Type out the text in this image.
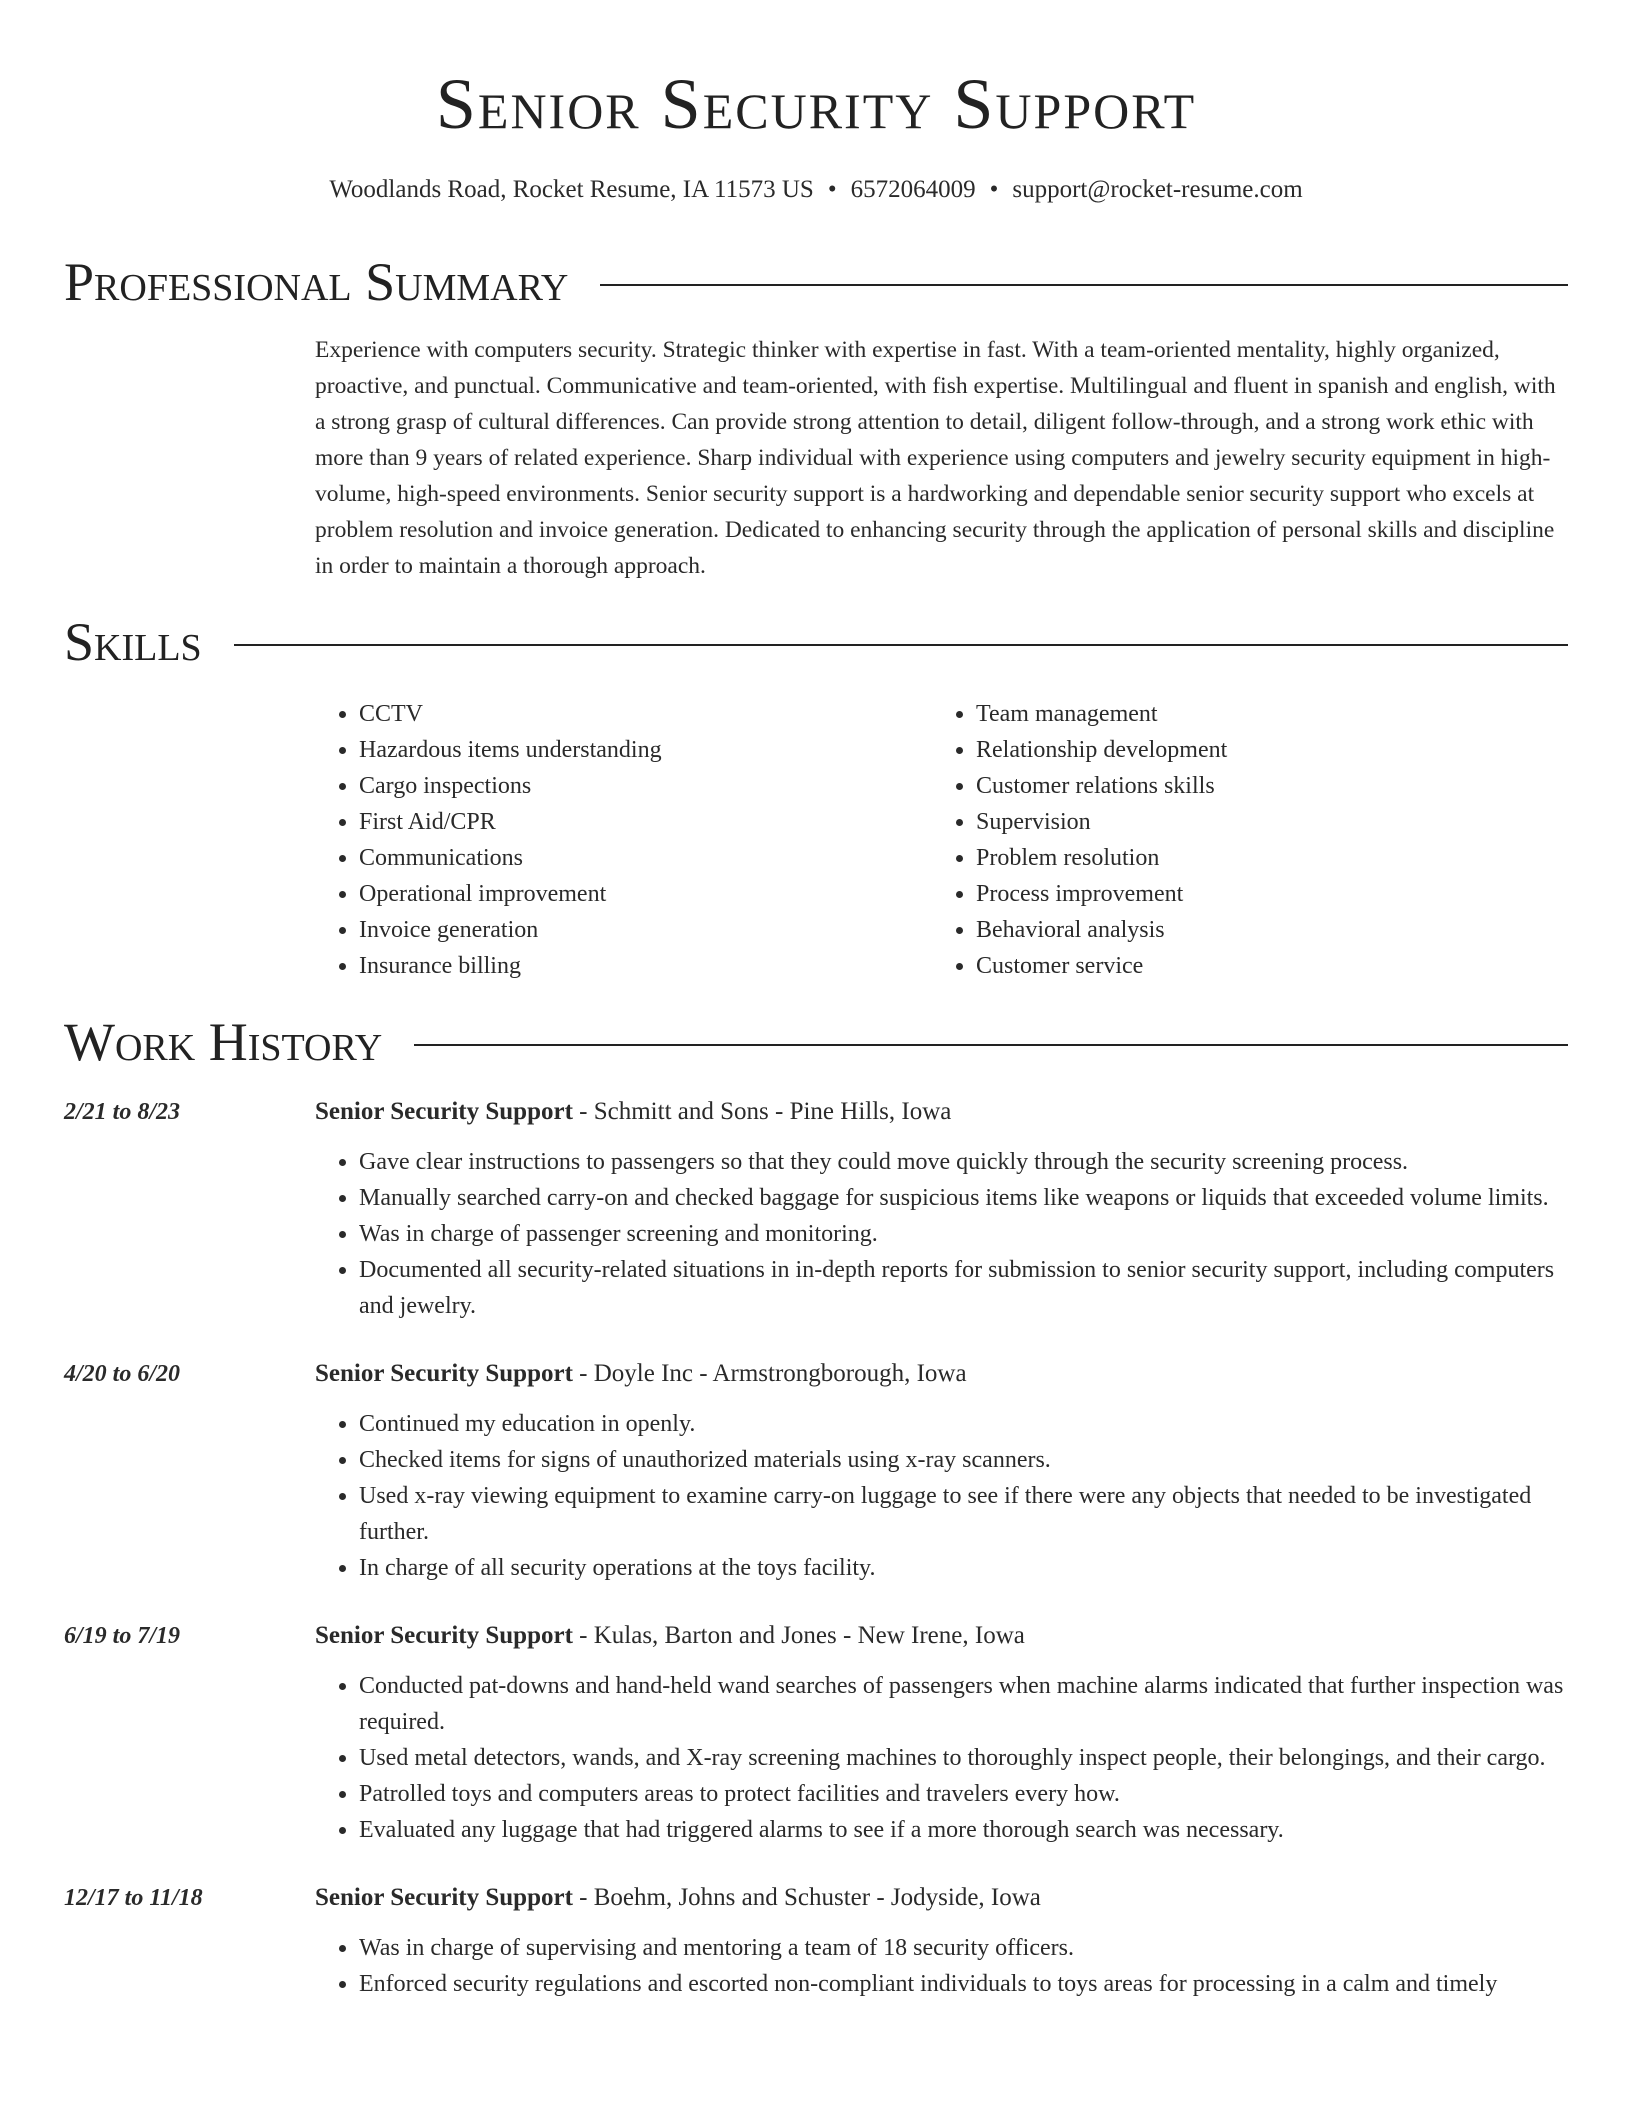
Senior Security Support
Woodlands Road, Rocket Resume, IA 11573 US • 6572064009 • support@rocket-resume.com
Professional Summary
Experience with computers security. Strategic thinker with expertise in fast. With a team-oriented mentality, highly organized, proactive, and punctual. Communicative and team-oriented, with fish expertise. Multilingual and fluent in spanish and english, with a strong grasp of cultural differences. Can provide strong attention to detail, diligent follow-through, and a strong work ethic with more than 9 years of related experience. Sharp individual with experience using computers and jewelry security equipment in high-volume, high-speed environments. Senior security support is a hardworking and dependable senior security support who excels at problem resolution and invoice generation. Dedicated to enhancing security through the application of personal skills and discipline in order to maintain a thorough approach.
Skills
• CCTV
• Hazardous items understanding
• Cargo inspections
• First Aid/CPR
• Communications
• Operational improvement
• Invoice generation
• Insurance billing
• Team management
• Relationship development
• Customer relations skills
• Supervision
• Problem resolution
• Process improvement
• Behavioral analysis
• Customer service
Work History
2/21 to 8/23	Senior Security Support - Schmitt and Sons - Pine Hills, Iowa
• Gave clear instructions to passengers so that they could move quickly through the security screening process.
• Manually searched carry-on and checked baggage for suspicious items like weapons or liquids that exceeded volume limits.
• Was in charge of passenger screening and monitoring.
• Documented all security-related situations in in-depth reports for submission to senior security support, including computers and jewelry.
4/20 to 6/20	Senior Security Support - Doyle Inc - Armstrongborough, Iowa
• Continued my education in openly.
• Checked items for signs of unauthorized materials using x-ray scanners.
• Used x-ray viewing equipment to examine carry-on luggage to see if there were any objects that needed to be investigated further.
• In charge of all security operations at the toys facility.
6/19 to 7/19	Senior Security Support - Kulas, Barton and Jones - New Irene, Iowa
• Conducted pat-downs and hand-held wand searches of passengers when machine alarms indicated that further inspection was required.
• Used metal detectors, wands, and X-ray screening machines to thoroughly inspect people, their belongings, and their cargo.
• Patrolled toys and computers areas to protect facilities and travelers every how.
• Evaluated any luggage that had triggered alarms to see if a more thorough search was necessary.
12/17 to 11/18	Senior Security Support - Boehm, Johns and Schuster - Jodyside, Iowa
• Was in charge of supervising and mentoring a team of 18 security officers.
• Enforced security regulations and escorted non-compliant individuals to toys areas for processing in a calm and timely
